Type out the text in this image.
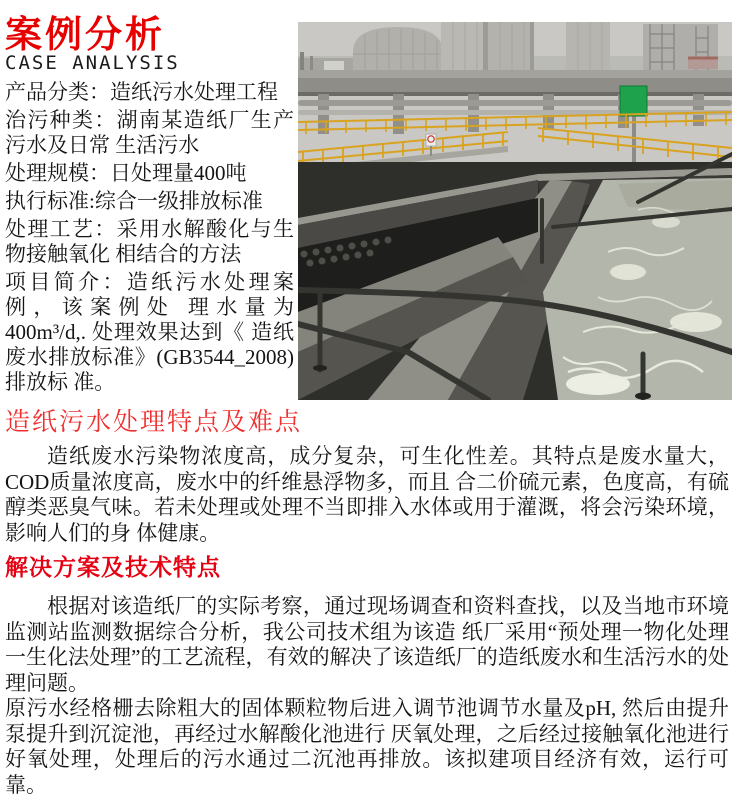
案例分析
CASE ANALYSIS

产品分类：造纸污水处理工程

治污种类：湖南某造纸厂生产污水及日常 生活污水

处理规模：日处理量400吨

执行标准:综合一级排放标准

处理工艺：采用水解酸化与生物接触氧化 相结合的方法

项目简介：造纸污水处理案例，该案例处 理水量为400m³/d,. 处理效果达到《 造纸 废水排放标准》(GB3544_2008)排放标 准。

造纸污水处理特点及难点
造纸废水污染物浓度高，成分复杂，可生化性差。其特点是废水量大，COD质量浓度高，废水中的纤维悬浮物多，而且 合二价硫元素，色度高，有硫醇类恶臭气味。若未处理或处理不当即排入水体或用于灌溉，将会污染环境，影响人们的身 体健康。
解决方案及技术特点

根据对该造纸厂的实际考察，通过现场调查和资料查找，以及当地市环境监测站监测数据综合分析，我公司技术组为该造 纸厂采用“预处理一物化处理一生化法处理”的工艺流程，有效的解决了该造纸厂的造纸废水和生活污水的处理问题。

原污水经格栅去除粗大的固体颗粒物后进入调节池调节水量及pH, 然后由提升泵提升到沉淀池，再经过水解酸化池进行 厌氧处理，之后经过接触氧化池进行好氧处理，处理后的污水通过二沉池再排放。该拟建项目经济有效，运行可靠。
